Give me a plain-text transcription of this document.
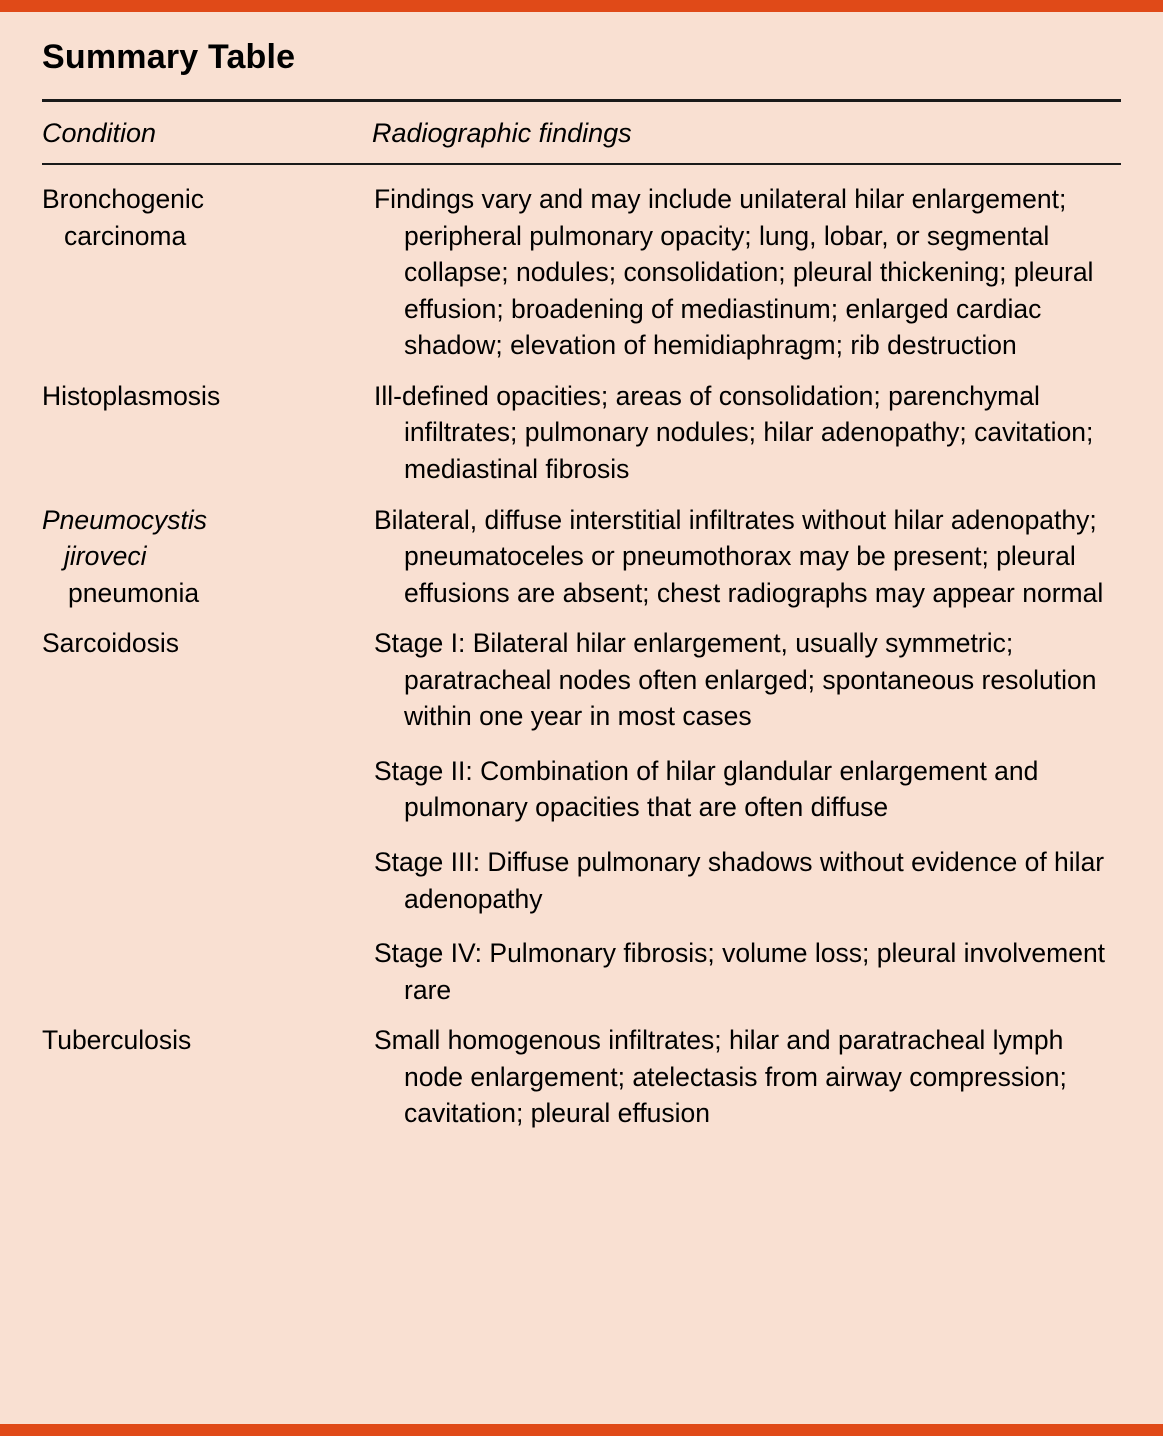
Summary Table
Condition	Radiographic findings
Bronchogenic
carcinoma	Findings vary and may include unilateral hilar enlargement; peripheral pulmonary opacity; lung, lobar, or segmental collapse; nodules; consolidation; pleural thickening; pleural effusion; broadening of mediastinum; enlarged cardiac shadow; elevation of hemidiaphragm; rib destruction

Histoplasmosis	Ill-defined opacities; areas of consolidation; parenchymal infiltrates; pulmonary nodules; hilar adenopathy; cavitation; mediastinal fibrosis

Pneumocystis
jiroveci
pneumonia	Bilateral, diffuse interstitial infiltrates without hilar adenopathy; pneumatoceles or pneumothorax may be present; pleural effusions are absent; chest radiographs may appear normal

Sarcoidosis	Stage I: Bilateral hilar enlargement, usually symmetric; paratracheal nodes often enlarged; spontaneous resolution within one year in most cases
Stage II: Combination of hilar glandular enlargement and pulmonary opacities that are often diffuse
Stage III: Diffuse pulmonary shadows without evidence of hilar adenopathy
Stage IV: Pulmonary fibrosis; volume loss; pleural involvement rare

Tuberculosis	Small homogenous infiltrates; hilar and paratracheal lymph node enlargement; atelectasis from airway compression; cavitation; pleural effusion
